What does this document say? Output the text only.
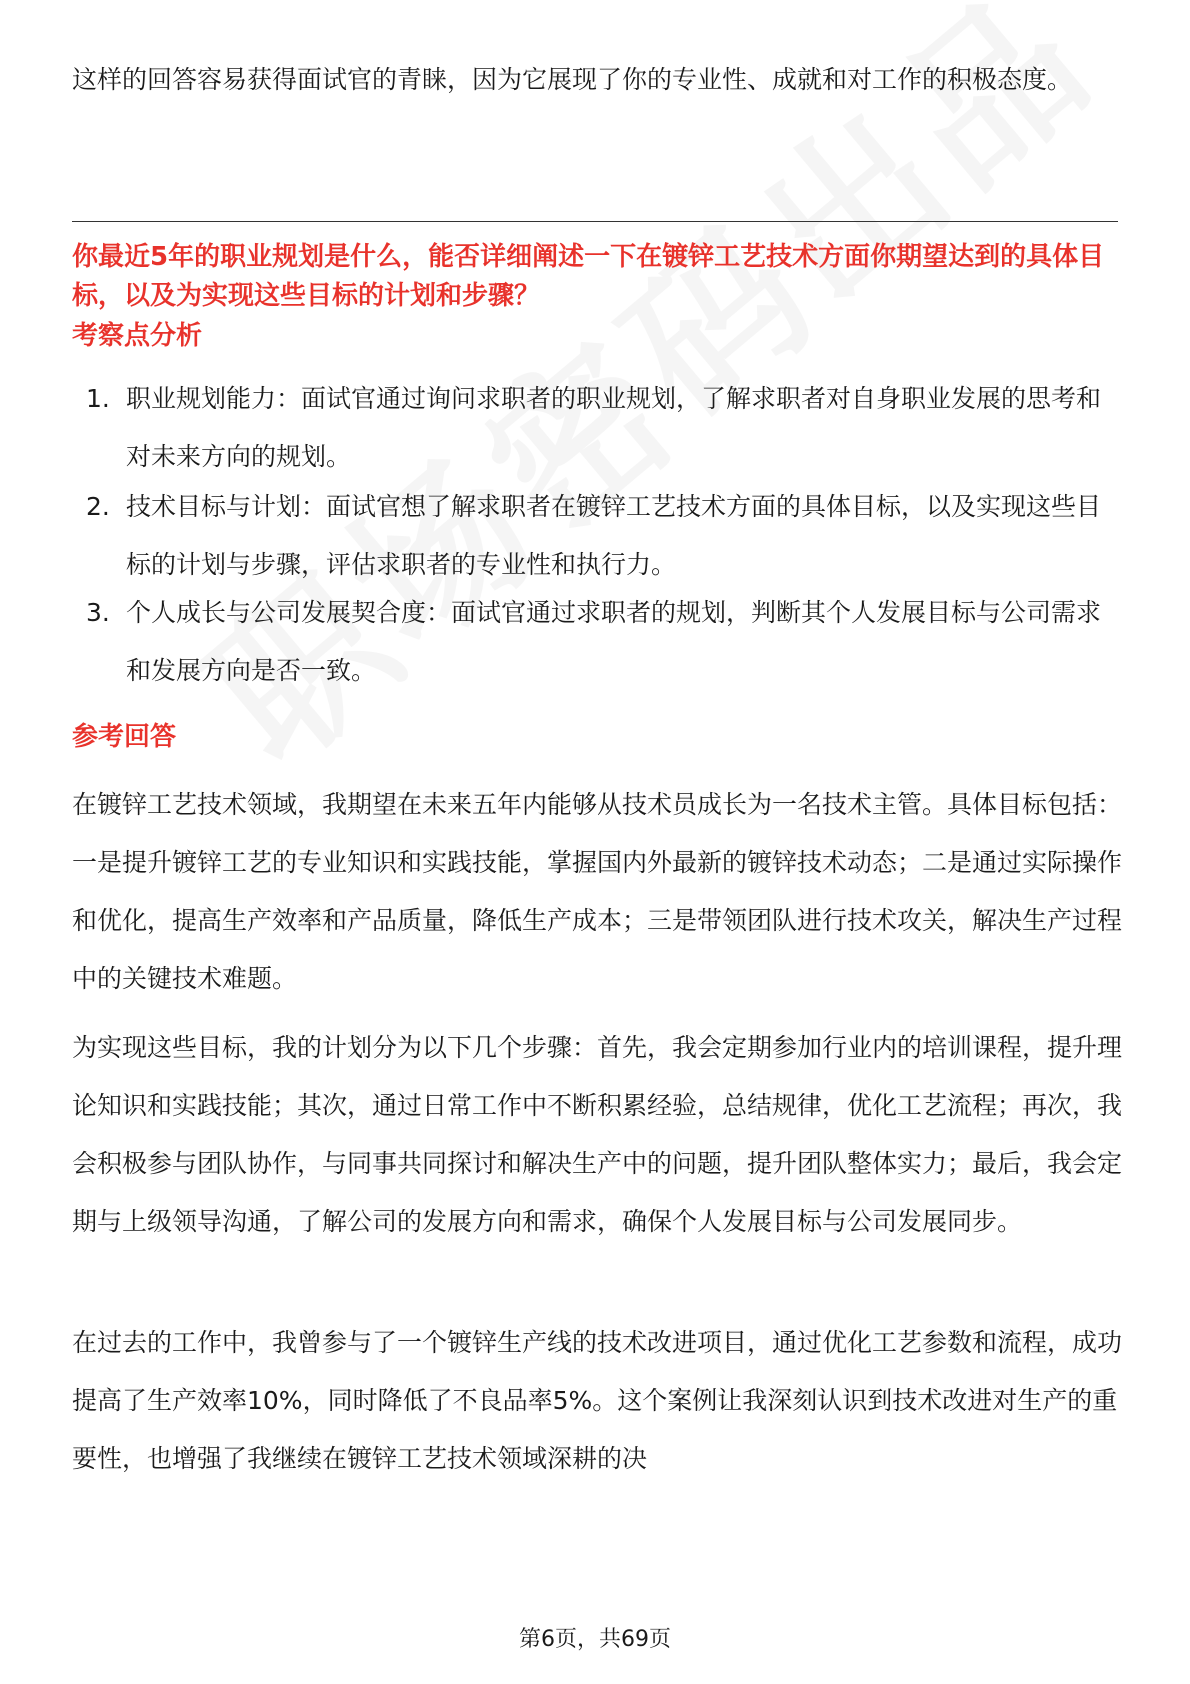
这样的回答容易获得面试官的青睐，因为它展现了你的专业性、成就和对工作的积极态度。

你最近5年的职业规划是什么，能否详细阐述一下在镀锌工艺技术方面你期望达到的具体目标，以及为实现这些目标的计划和步骤？

考察点分析
1. 职业规划能力：面试官通过询问求职者的职业规划，了解求职者对自身职业发展的思考和对未来方向的规划。
2. 技术目标与计划：面试官想了解求职者在镀锌工艺技术方面的具体目标，以及实现这些目标的计划与步骤，评估求职者的专业性和执行力。
3. 个人成长与公司发展契合度：面试官通过求职者的规划，判断其个人发展目标与公司需求和发展方向是否一致。
参考回答

在镀锌工艺技术领域，我期望在未来五年内能够从技术员成长为一名技术主管。具体目标包括：一是提升镀锌工艺的专业知识和实践技能，掌握国内外最新的镀锌技术动态；二是通过实际操作和优化，提高生产效率和产品质量，降低生产成本；三是带领团队进行技术攻关，解决生产过程中的关键技术难题。

为实现这些目标，我的计划分为以下几个步骤：首先，我会定期参加行业内的培训课程，提升理论知识和实践技能；其次，通过日常工作中不断积累经验，总结规律，优化工艺流程；再次，我会积极参与团队协作，与同事共同探讨和解决生产中的问题，提升团队整体实力；最后，我会定期与上级领导沟通，了解公司的发展方向和需求，确保个人发展目标与公司发展同步。

在过去的工作中，我曾参与了一个镀锌生产线的技术改进项目，通过优化工艺参数和流程，成功提高了生产效率10%，同时降低了不良品率5%。这个案例让我深刻认识到技术改进对生产的重要性，也增强了我继续在镀锌工艺技术领域深耕的决

第6页，共69页
